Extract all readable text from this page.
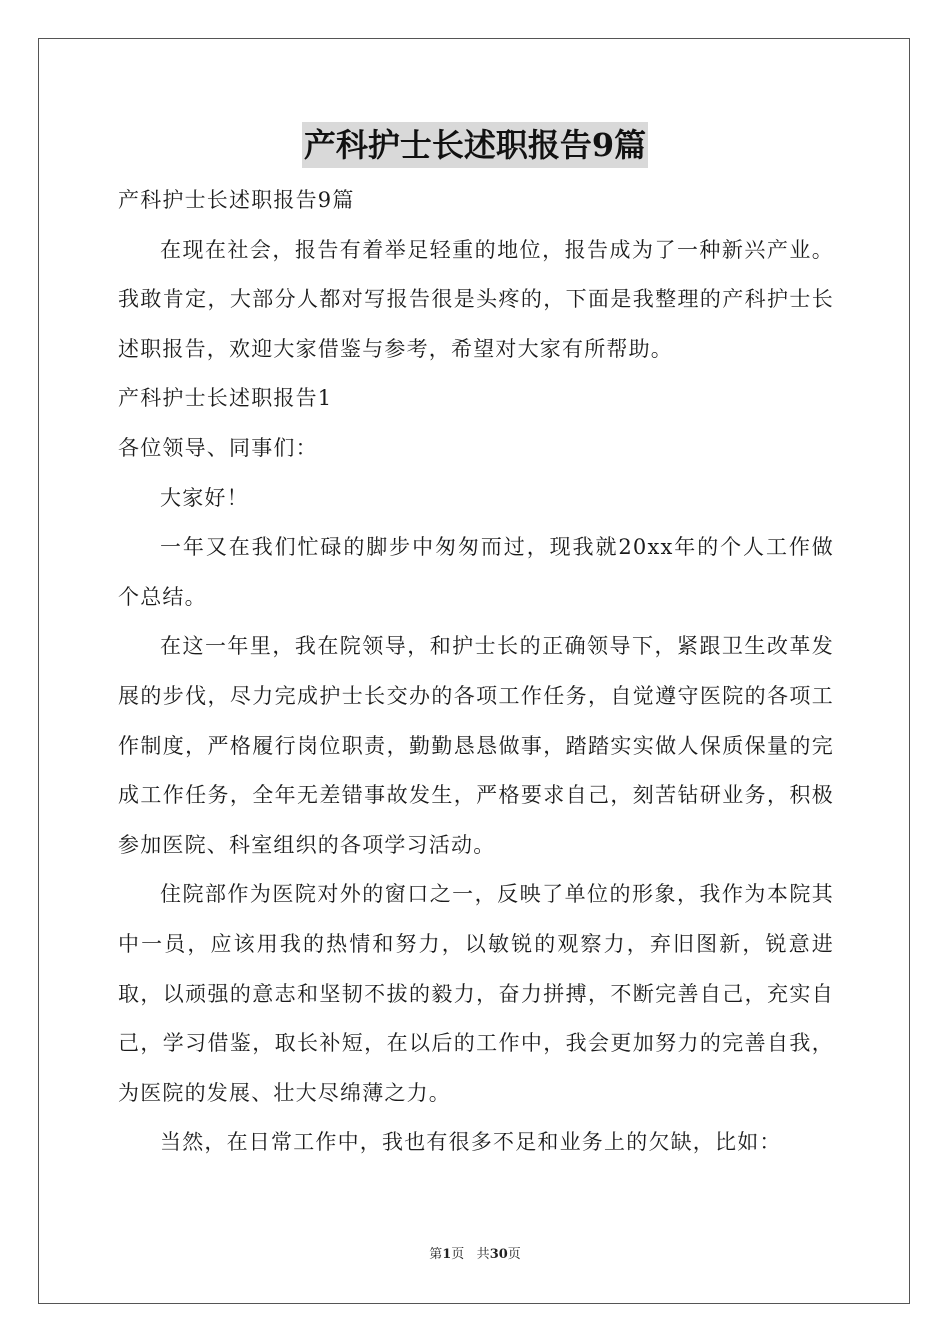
产科护士长述职报告9篇

产科护士长述职报告9篇

在现在社会，报告有着举足轻重的地位，报告成为了一种新兴产业。我敢肯定，大部分人都对写报告很是头疼的，下面是我整理的产科护士长述职报告，欢迎大家借鉴与参考，希望对大家有所帮助。

产科护士长述职报告1

各位领导、同事们：

大家好！

一年又在我们忙碌的脚步中匆匆而过，现我就20xx年的个人工作做个总结。

在这一年里，我在院领导，和护士长的正确领导下，紧跟卫生改革发展的步伐，尽力完成护士长交办的各项工作任务，自觉遵守医院的各项工作制度，严格履行岗位职责，勤勤恳恳做事，踏踏实实做人保质保量的完成工作任务，全年无差错事故发生，严格要求自己，刻苦钻研业务，积极参加医院、科室组织的各项学习活动。

住院部作为医院对外的窗口之一，反映了单位的形象，我作为本院其中一员，应该用我的热情和努力，以敏锐的观察力，弃旧图新，锐意进取，以顽强的意志和坚韧不拔的毅力，奋力拼搏，不断完善自己，充实自己，学习借鉴，取长补短，在以后的工作中，我会更加努力的完善自我，为医院的发展、壮大尽绵薄之力。

当然，在日常工作中，我也有很多不足和业务上的欠缺，比如：

第1页 共30页
